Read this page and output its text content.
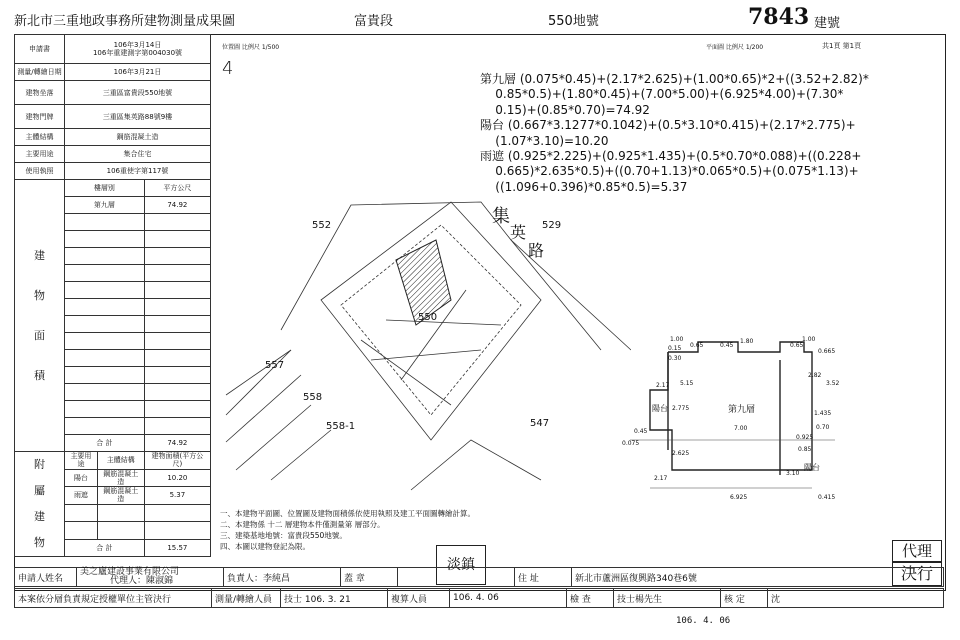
新北市三重地政事務所建物測量成果圖	富貴段	550地號	7843 建號
申請書	106年3月14日
106年重建測字第004030號		
測量/轉繪日期	106年3月21日		
建物坐落	三重區富貴段550地號		
建物門牌	三重區集英路88號9樓		
主體結構	鋼筋混凝土造		
主要用途	集合住宅		
使用執照	106重使字第117號		

建
物
面
積	樓層別		平方公尺
	第九層		74.92

	合 計		74.92

附
屬
建
物	主要用途	主體結構	建物面積(平方公尺)
	陽台	鋼筋混凝土造	10.20
	雨遮	鋼筋混凝土造	5.37

	合 計		15.57
位置圖 比例尺 1/500
4
平面圖 比例尺 1/200	共1頁 第1頁
第九層 (0.075*0.45)+(2.17*2.625)+(1.00*0.65)*2+((3.52+2.82)*
0.85*0.5)+(1.80*0.45)+(7.00*5.00)+(6.925*4.00)+(7.30*
0.15)+(0.85*0.70)=74.92
陽台 (0.667*3.1277*0.1042)+(0.5*3.10*0.415)+(2.17*2.775)+
(1.07*3.10)=10.20
雨遮 (0.925*2.225)+(0.925*1.435)+(0.5*0.70*0.088)+((0.228+
0.665)*2.635*0.5)+((0.70+1.13)*0.065*0.5)+(0.075*1.13)+
((1.096+0.396)*0.85*0.5)=5.37
集
英
路
552	529
550
557
558
558-1	547
第九層
陽台
陽台
1.00
0.65
1.80
0.45	0.65
1.00
0.665
0.30
0.15
2.17 5.15
2.775
7.00
0.075
0.45
2.625
0.925
0.85
2.82
3.52
2.17
3.10
6.925	0.415
1.435
0.70
一、本建物平面圖、位置圖及建物面積係依使用執照及建工平面圖轉繪計算。
二、本建物係 十二 層建物本件僅測量第 層部分。
三、建築基地地號：富貴段550地號。
四、本圖以建物登記為限。	代理
決行
淡鎮
申請人姓名	
美之廬建設事業有限公司
代理人：陳淑錦	負責人：李純昌	蓋 章		住 址	新北市蘆洲區復興路340巷6號
本案依分層負責規定授權單位主管決行	測量/轉繪人員	技士 106. 3. 21	複算人員	106. 4. 06	檢 查	技士楊先生	核 定	沈
106. 4. 06
